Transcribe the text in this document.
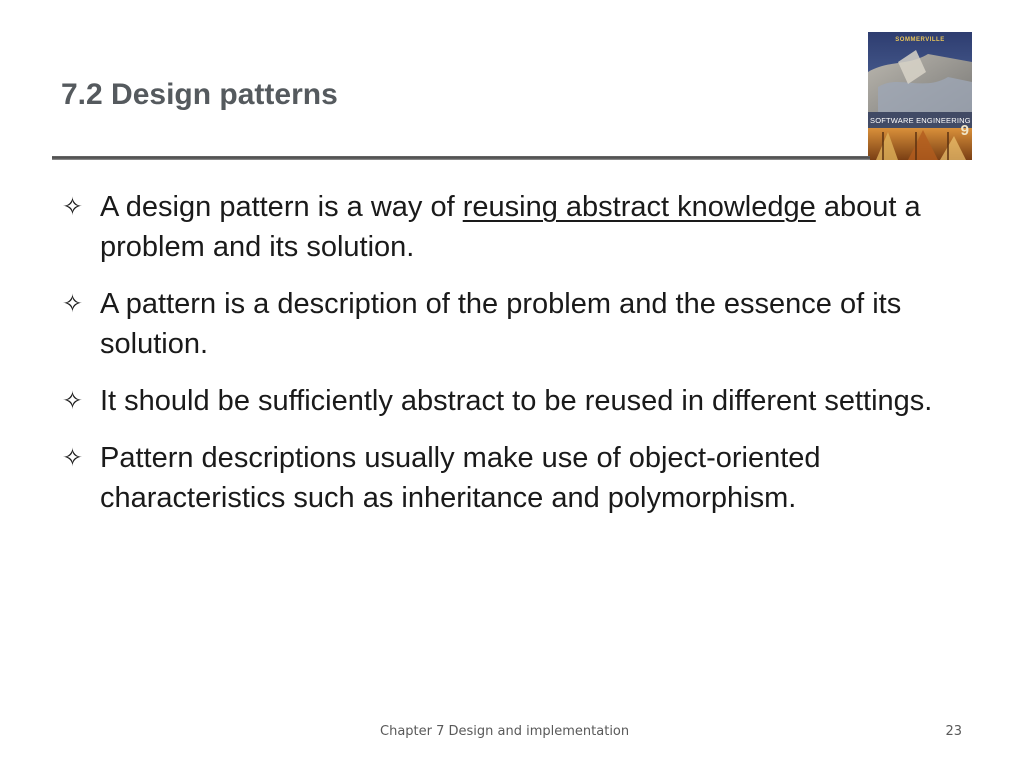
7.2 Design patterns
SOMMERVILLE
SOFTWARE ENGINEERING
9
✧ A design pattern is a way of reusing abstract knowledge about a problem and its solution.
✧ A pattern is a description of the problem and the essence of its solution.
✧ It should be sufficiently abstract to be reused in different settings.
✧ Pattern descriptions usually make use of object-oriented characteristics such as inheritance and polymorphism.
Chapter 7 Design and implementation	23
